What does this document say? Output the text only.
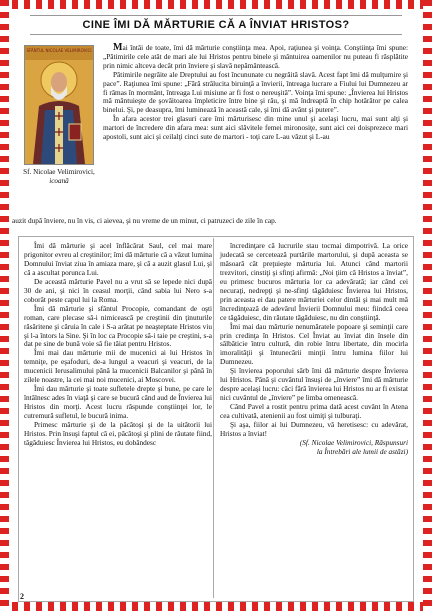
CINE ÎMI DĂ MĂRTURIE CĂ A ÎNVIAT HRISTOS?
SFÂNTUL NICOLAE VELIMIROVICI
Sf. Nicolae Velimirovici,
icoană

Mai întâi de toate, îmi dă mărturie conştiinţa mea. Apoi, raţiunea şi voinţa. Conştiinţa îmi spune: „Pătimirile cele atât de mari ale lui Hristos pentru binele şi mântuirea oamenilor nu puteau fi răsplătite prin nimic altceva decât prin înviere şi slavă nepământească.

Pătimirile negrăite ale Dreptului au fost încununate cu negrăită slavă. Acest fapt îmi dă mulţumire şi pace”. Raţiunea îmi spune: „Fără strălucita biruinţă a învierii, întreaga lucrare a Fiului lui Dumnezeu ar fi rămas în mormânt, întreaga Lui misiune ar fi fost o nereuşită”. Voinţa îmi spune: „Învierea lui Hristos mă mântuieşte de şovăitoarea împleticire între bine şi rău, şi mă îndreaptă în chip hotărâtor pe calea binelui. Şi, pe deasupra, îmi luminează în această cale, şi îmi dă avânt şi putere”.

În afara acestor trei glasuri care îmi mărturisesc din mine unul şi acelaşi lucru, mai sunt alţi şi martori de încredere din afara mea: sunt aici slăvitele femei mironosiţe, sunt aici cei doisprezece mari apostoli, sunt aici şi ceilalţi cinci sute de martori - toţi care L-au văzut şi L-au

auzit după înviere, nu în vis, ci aievea, şi nu vreme de un minut, ci patruzeci de zile în cap.

Îmi dă mărturie şi acel înflăcărat Saul, cel mai mare prigonitor evreu al creştinilor; îmi dă mărturie că a văzut lumina Domnului înviat ziua în amiaza mare, şi că a auzit glasul Lui, şi că a ascultat porunca Lui.

De această mărturie Pavel nu a vrut să se lepede nici după 30 de ani, şi nici în ceasul morţii, când sabia lui Nero s-a coborât peste capul lui la Roma.

Îmi dă mărturie şi sfântul Procopie, comandant de oşti roman, care plecase să-i nimicească pe creştinii din ţinuturile răsăritene şi căruia în cale i S-a arătat pe neaşteptate Hristos viu şi l-a întors la Sine. Şi în loc ca Procopie să-i taie pe creştini, s-a dat pe sine de bună voie să fie tăiat pentru Hristos.

Îmi mai dau mărturie mii de mucenici ai lui Hristos în temniţe, pe eşafoduri, de-a lungul a veacuri şi veacuri, de la mucenicii Ierusalimului până la mucenicii Balcanilor şi până în zilele noastre, la cei mai noi mucenici, ai Moscovei.

Îmi dau mărturie şi toate sufletele drepte şi bune, pe care le întâlnesc ades în viaţă şi care se bucură când aud de Învierea lui Hristos din morţi. Acest lucru răspunde conştiinţei lor, le cutremură sufletul, le bucură inima.

Primesc mărturie şi de la păcătoşi şi de la uitătorii lui Hristos. Prin însuşi faptul că ei, păcătoşi şi plini de răutate fiind, tăgăduiesc Învierea lui Hristos, eu dobândesc

încredinţare că lucrurile stau tocmai dimpotrivă. La orice judecată se cercetează purtările martorului, şi după aceasta se măsoară cât preţuieşte mărturia lui. Atunci când martorii trezvitori, cinstiţi şi sfinţi afirmă: „Noi ţiim că Hristos a înviat”, eu primesc bucuros mărturia lor ca adevărată; iar când cei necuraţi, nedrepţi şi ne-sfinţi tăgăduiesc Învierea lui Hristos, prin aceasta ei dau patere mărturiei celor dintâi şi mai mult mă încredinţează de adevărul Învierii Domnului meu: fiindcă ceea ce tăgăduiesc, din răutate tăgăduiesc, nu din conştiinţă.

Îmi mai dau mărturie nenumăratele popoare şi seminţii care prin credinţa în Hristos. Cel Înviat au înviat din însele din sălbăticie întru cultură, din robie întru libertate, din mocirla imoralităţii şi întunecării minţii întru lumina fiilor lui Dumnezeu.

Şi învierea poporului sârb îmi dă mărturie despre Învierea lui Hristos. Până şi cuvântul însuşi de „înviere” îmi dă mărturie despre acelaşi lucru: căci fără învierea lui Hristos nu ar fi existat nici cuvântul de „înviere” pe limba omenească.

Când Pavel a rostit pentru prima dată acest cuvânt în Atena cea cultivată, atenienii au fost uimiţi şi tulburaţi.

Şi aşa, fiilor ai lui Dumnezeu, vă heretisesc: cu adevărat, Hristos a înviat!

(Sf. Nicolae Velimirovici, Răspunsuri

la Întrebări ale lumii de astăzi)

2
